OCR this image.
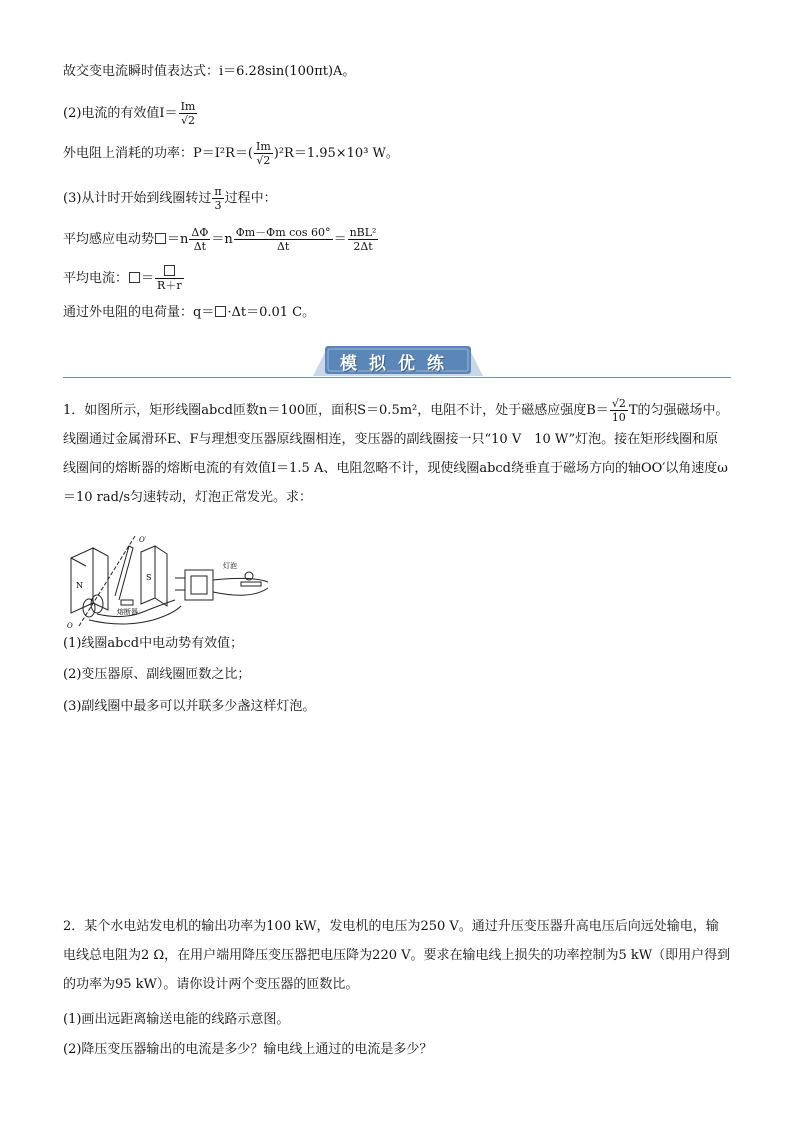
故交变电流瞬时值表达式：i＝6.28sin(100πt)A。
(2)电流的有效值$I= \frac{Im}{√2}$
外电阻上消耗的功率：$P=I^2R=( \frac{Im}{√2} )^2R=1.95\times 10^3$ W。
(3)从计时开始到线圈转过 $\frac{\pi}{3}$ 过程中：
平均感应电动势 $=n \frac{\Delta\Phi}{\Delta t} =n \frac{\text{Φm－Φm cos 60°}}{\Delta t} = \frac{\text{nBL²}}{2\Delta t}$
平均电流： ＝ R＋r
通过外电阻的电荷量：q＝ ·Δt＝0.01 C。
模拟优练
1．如图所示，矩形线圈abcd匝数n＝100匝，面积S＝0.5m²，电阻不计，处于磁感应强度$B= \frac{√2}{10}$ T的匀强磁场中。线圈通过金属滑环E、F与理想变压器原线圈相连，变压器的副线圈接一只“10 V　10 W”灯泡。接在矩形线圈和原线圈间的熔断器的熔断电流的有效值I＝1.5 A、电阻忽略不计，现使线圈abcd绕垂直于磁场方向的轴OO′以角速度ω＝10 rad/s匀速转动，灯泡正常发光。求：
N
S
O′
O
灯泡
熔断器
(1)线圈abcd中电动势有效值；
(2)变压器原、副线圈匝数之比；
(3)副线圈中最多可以并联多少盏这样灯泡。
2．某个水电站发电机的输出功率为100 kW，发电机的电压为250 V。通过升压变压器升高电压后向远处输电，输电线总电阻为2 Ω，在用户端用降压变压器把电压降为220 V。要求在输电线上损失的功率控制为5 kW（即用户得到的功率为95 kW）。请你设计两个变压器的匝数比。
(1)画出远距离输送电能的线路示意图。
(2)降压变压器输出的电流是多少？输电线上通过的电流是多少？
